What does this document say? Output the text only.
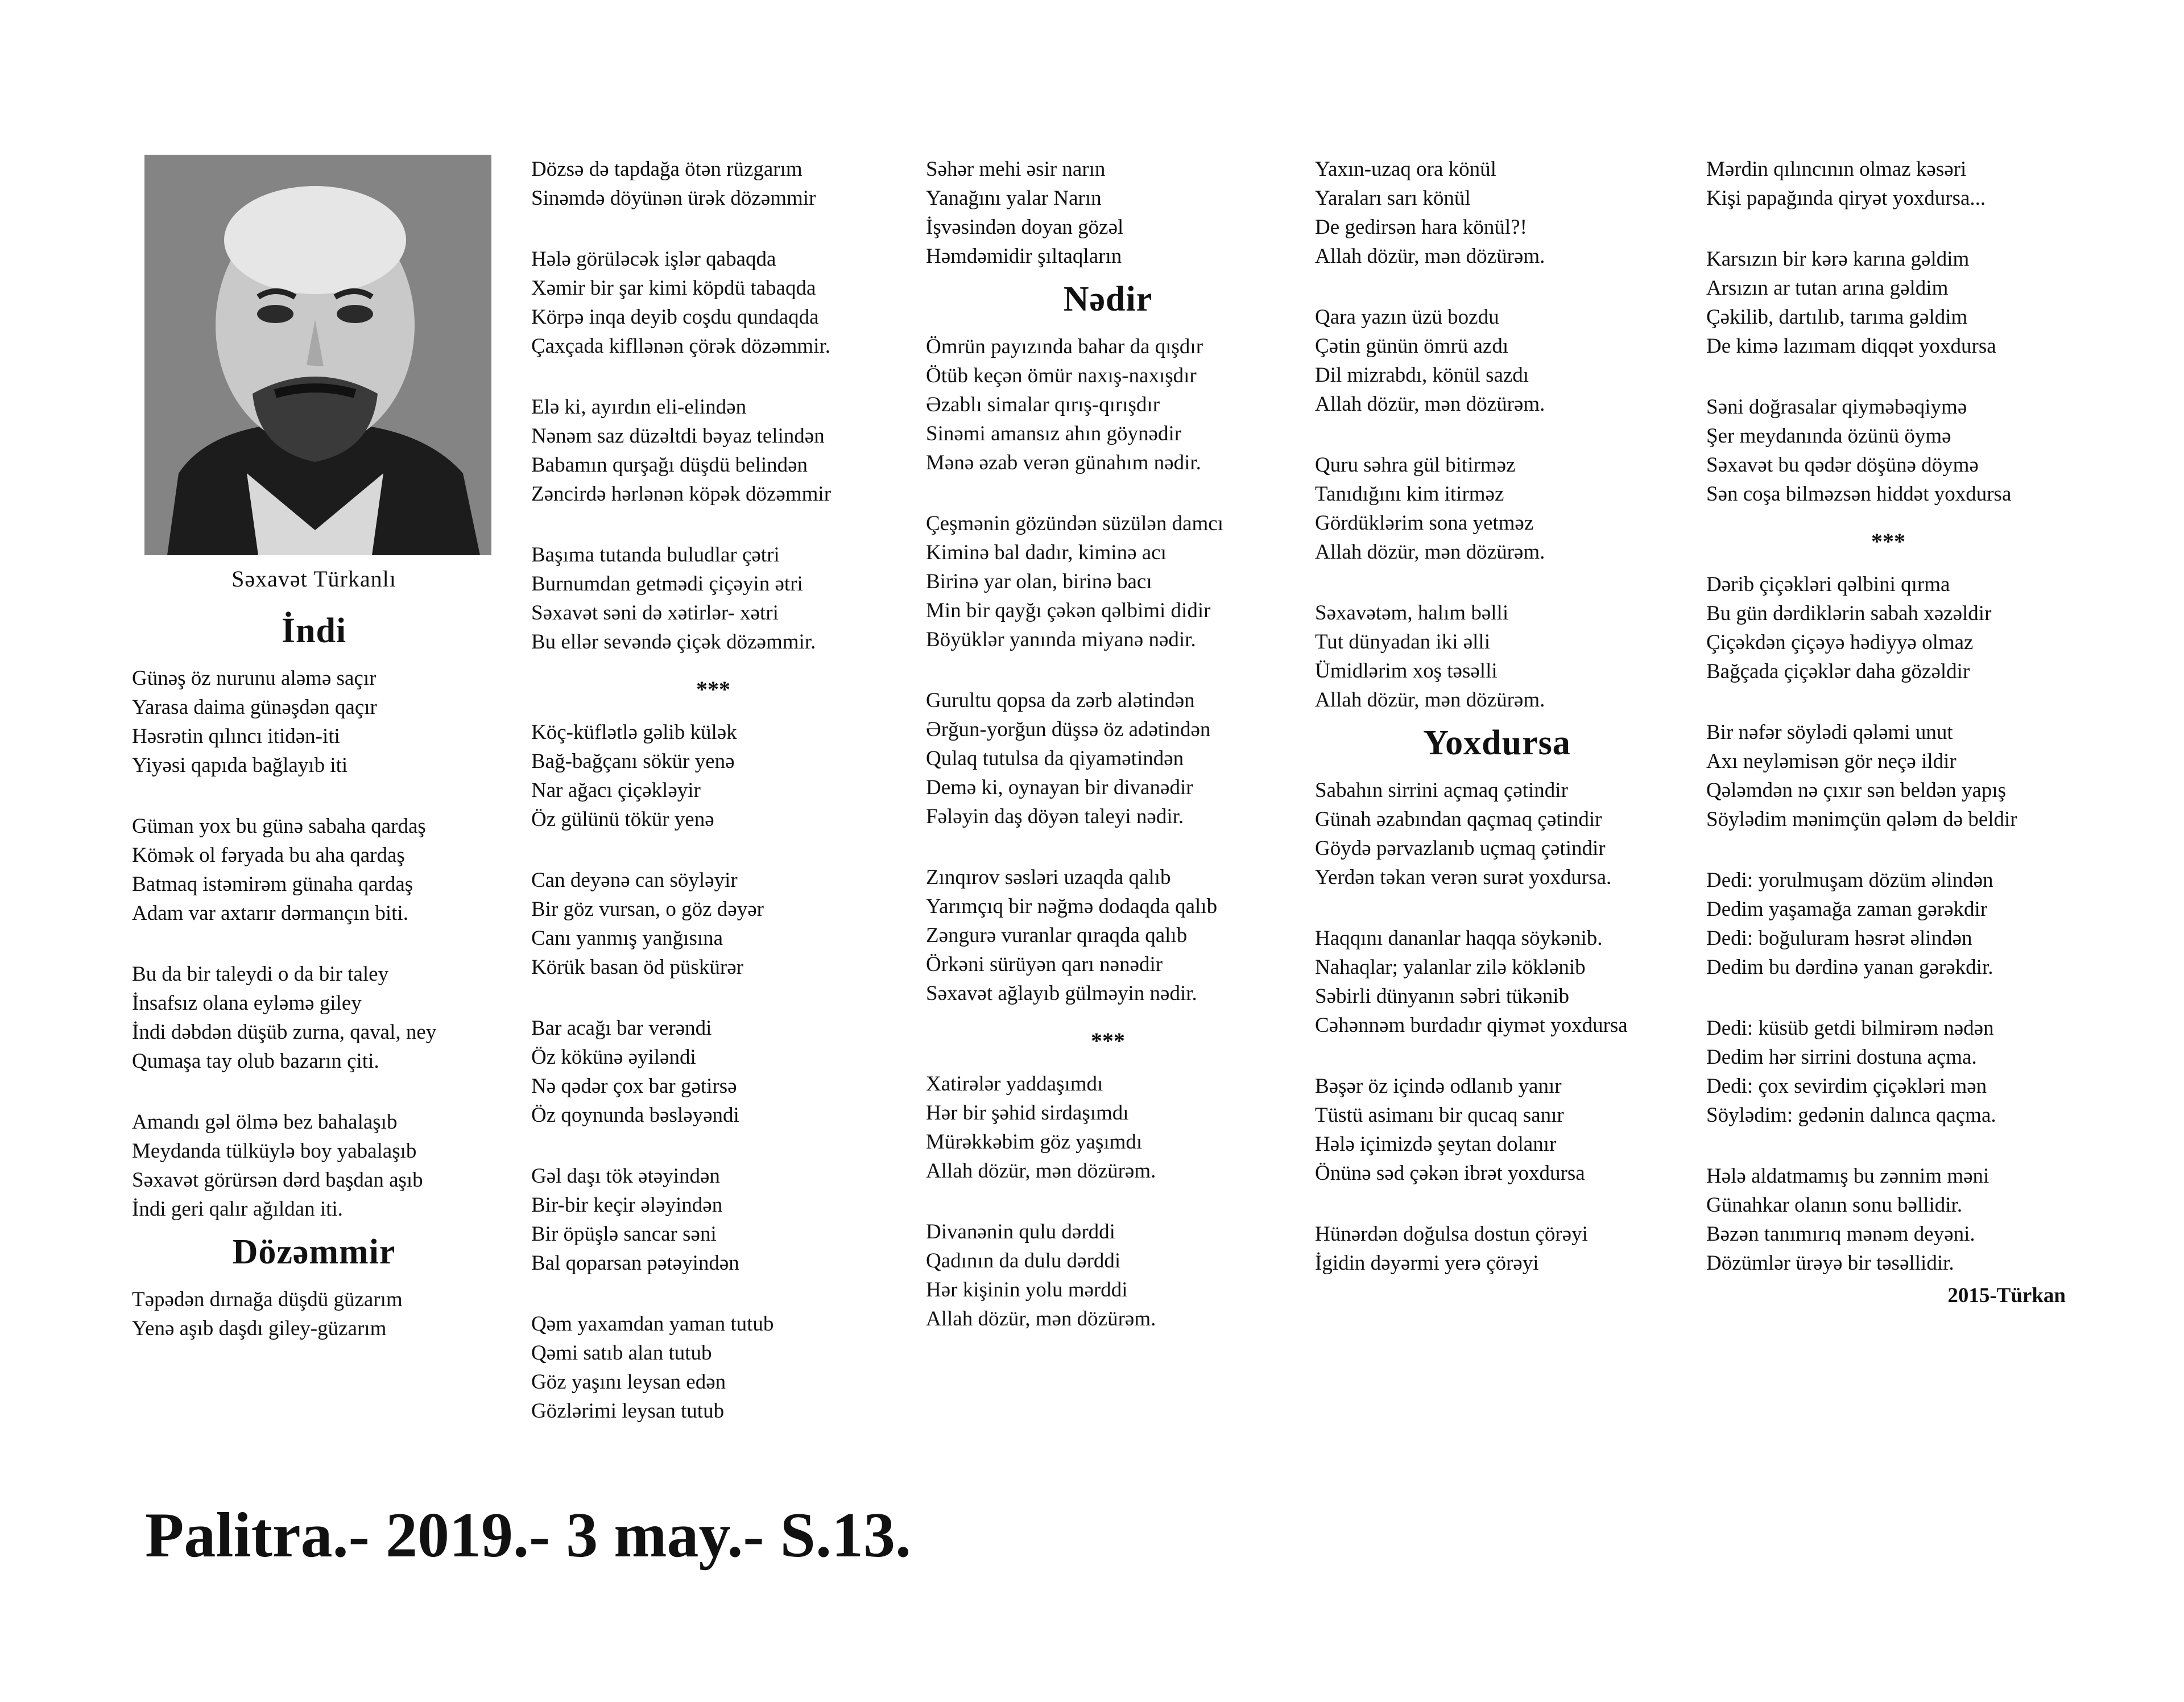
Səxavət Türkanlı
İndi
Günəş öz nurunu aləmə saçır
Yarasa daima günəşdən qaçır
Həsrətin qılıncı itidən-iti
Yiyəsi qapıda bağlayıb iti
Güman yox bu günə sabaha qardaş
Kömək ol fəryada bu aha qardaş
Batmaq istəmirəm günaha qardaş
Adam var axtarır dərmançın biti.
Bu da bir taleydi o da bir taley
İnsafsız olana eyləmə giley
İndi dəbdən düşüb zurna, qaval, ney
Qumaşa tay olub bazarın çiti.
Amandı gəl ölmə bez bahalaşıb
Meydanda tülküylə boy yabalaşıb
Səxavət görürsən dərd başdan aşıb
İndi geri qalır ağıldan iti.
Dözəmmir
Təpədən dırnağa düşdü güzarım
Yenə aşıb daşdı giley-güzarım
Dözsə də tapdağa ötən rüzgarım
Sinəmdə döyünən ürək dözəmmir
Hələ görüləcək işlər qabaqda
Xəmir bir şar kimi köpdü tabaqda
Körpə inqa deyib coşdu qundaqda
Çaxçada kifllənən çörək dözəmmir.
Elə ki, ayırdın eli-elindən
Nənəm saz düzəltdi bəyaz telindən
Babamın qurşağı düşdü belindən
Zəncirdə hərlənən köpək dözəmmir
Başıma tutanda buludlar çətri
Burnumdan getmədi çiçəyin ətri
Səxavət səni də xətirlər- xətri
Bu ellər sevəndə çiçək dözəmmir.
***
Köç-küflətlə gəlib külək
Bağ-bağçanı sökür yenə
Nar ağacı çiçəkləyir
Öz gülünü tökür yenə
Can deyənə can söyləyir
Bir göz vursan, o göz dəyər
Canı yanmış yanğısına
Körük basan öd püskürər
Bar acağı bar verəndi
Öz kökünə əyiləndi
Nə qədər çox bar gətirsə
Öz qoynunda bəsləyəndi
Gəl daşı tök ətəyindən
Bir-bir keçir ələyindən
Bir öpüşlə sancar səni
Bal qoparsan pətəyindən
Qəm yaxamdan yaman tutub
Qəmi satıb alan tutub
Göz yaşını leysan edən
Gözlərimi leysan tutub
Səhər mehi əsir narın
Yanağını yalar Narın
İşvəsindən doyan gözəl
Həmdəmidir şıltaqların
Nədir
Ömrün payızında bahar da qışdır
Ötüb keçən ömür naxış-naxışdır
Əzablı simalar qırış-qırışdır
Sinəmi amansız ahın göynədir
Mənə əzab verən günahım nədir.
Çeşmənin gözündən süzülən damcı
Kiminə bal dadır, kiminə acı
Birinə yar olan, birinə bacı
Min bir qayğı çəkən qəlbimi didir
Böyüklər yanında miyanə nədir.
Gurultu qopsa da zərb alətindən
Ərğun-yorğun düşsə öz adətindən
Qulaq tutulsa da qiyamətindən
Demə ki, oynayan bir divanədir
Fələyin daş döyən taleyi nədir.
Zınqırov səsləri uzaqda qalıb
Yarımçıq bir nəğmə dodaqda qalıb
Zəngurə vuranlar qıraqda qalıb
Örkəni sürüyən qarı nənədir
Səxavət ağlayıb gülməyin nədir.
***
Xatirələr yaddaşımdı
Hər bir şəhid sirdaşımdı
Mürəkkəbim göz yaşımdı
Allah dözür, mən dözürəm.
Divanənin qulu dərddi
Qadının da dulu dərddi
Hər kişinin yolu mərddi
Allah dözür, mən dözürəm.
Yaxın-uzaq ora könül
Yaraları sarı könül
De gedirsən hara könül?!
Allah dözür, mən dözürəm.
Qara yazın üzü bozdu
Çətin günün ömrü azdı
Dil mizrabdı, könül sazdı
Allah dözür, mən dözürəm.
Quru səhra gül bitirməz
Tanıdığını kim itirməz
Gördüklərim sona yetməz
Allah dözür, mən dözürəm.
Səxavətəm, halım bəlli
Tut dünyadan iki əlli
Ümidlərim xoş təsəlli
Allah dözür, mən dözürəm.
Yoxdursa
Sabahın sirrini açmaq çətindir
Günah əzabından qaçmaq çətindir
Göydə pərvazlanıb uçmaq çətindir
Yerdən təkan verən surət yoxdursa.
Haqqını dananlar haqqa söykənib.
Nahaqlar; yalanlar zilə köklənib
Səbirli dünyanın səbri tükənib
Cəhənnəm burdadır qiymət yoxdursa
Bəşər öz içində odlanıb yanır
Tüstü asimanı bir qucaq sanır
Hələ içimizdə şeytan dolanır
Önünə səd çəkən ibrət yoxdursa
Hünərdən doğulsa dostun çörəyi
İgidin dəyərmi yerə çörəyi
Mərdin qılıncının olmaz kəsəri
Kişi papağında qiryət yoxdursa...
Karsızın bir kərə karına gəldim
Arsızın ar tutan arına gəldim
Çəkilib, dartılıb, tarıma gəldim
De kimə lazımam diqqət yoxdursa
Səni doğrasalar qiyməbəqiymə
Şer meydanında özünü öymə
Səxavət bu qədər döşünə döymə
Sən coşa bilməzsən hiddət yoxdursa
***
Dərib çiçəkləri qəlbini qırma
Bu gün dərdiklərin sabah xəzəldir
Çiçəkdən çiçəyə hədiyyə olmaz
Bağçada çiçəklər daha gözəldir
Bir nəfər söylədi qələmi unut
Axı neyləmisən gör neçə ildir
Qələmdən nə çıxır sən beldən yapış
Söylədim mənimçün qələm də beldir
Dedi: yorulmuşam dözüm əlindən
Dedim yaşamağa zaman gərəkdir
Dedi: boğuluram həsrət əlindən
Dedim bu dərdinə yanan gərəkdir.
Dedi: küsüb getdi bilmirəm nədən
Dedim hər sirrini dostuna açma.
Dedi: çox sevirdim çiçəkləri mən
Söylədim: gedənin dalınca qaçma.
Hələ aldatmamış bu zənnim məni
Günahkar olanın sonu bəllidir.
Bəzən tanımırıq mənəm deyəni.
Dözümlər ürəyə bir təsəllidir.
2015-Türkan
Palitra.- 2019.- 3 may.- S.13.
